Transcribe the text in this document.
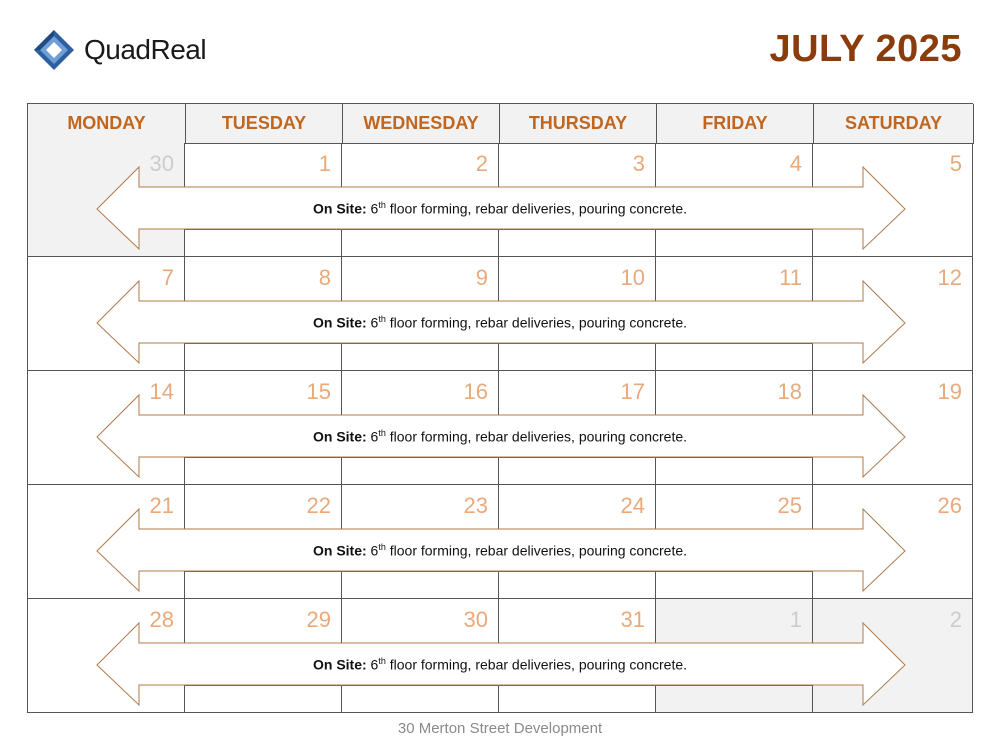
QuadReal	JULY 2025
MONDAY	TUESDAY	WEDNESDAY	THURSDAY	FRIDAY	SATURDAY
30	1	2	3	4	5
On Site: 6th floor forming, rebar deliveries, pouring concrete.
7	8	9	10	11	12
On Site: 6th floor forming, rebar deliveries, pouring concrete.
14	15	16	17	18	19
On Site: 6th floor forming, rebar deliveries, pouring concrete.
21	22	23	24	25	26
On Site: 6th floor forming, rebar deliveries, pouring concrete.
28	29	30	31	1	2
On Site: 6th floor forming, rebar deliveries, pouring concrete.
30 Merton Street Development
